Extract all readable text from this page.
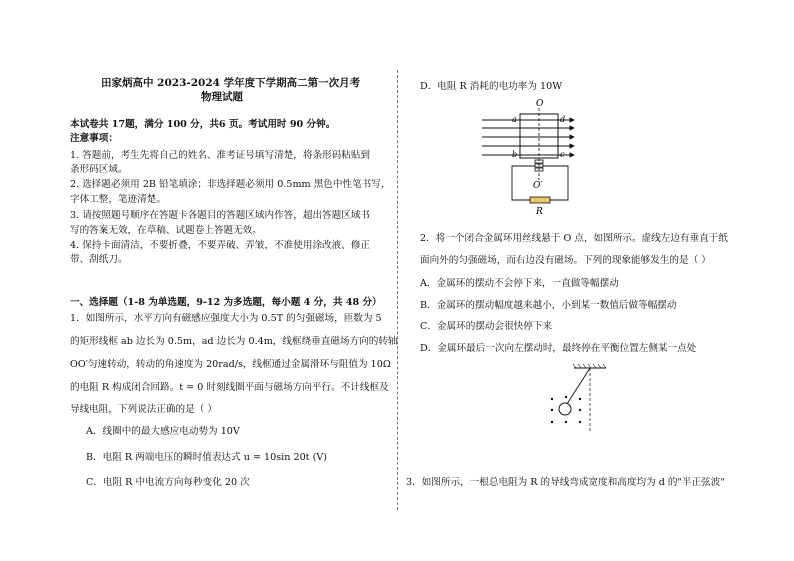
田家炳高中 2023-2024 学年度下学期高二第一次月考
物理试题
本试卷共 17题，满分 100 分，共6 页。考试用时 90 分钟。
注意事项：
1. 答题前，考生先将自己的姓名、准考证号填写清楚，将条形码粘贴到
条形码区域。
2. 选择题必须用 2B 铅笔填涂；非选择题必须用 0.5mm 黑色中性笔书写，
字体工整，笔迹清楚。
3. 请按照题号顺序在答题卡各题目的答题区域内作答，超出答题区域书
写的答案无效，在草稿、试题卷上答题无效。
4. 保持卡面清洁，不要折叠，不要弄破、弄皱，不准使用涂改液、修正
带、刮纸刀。
一、选择题（1-8 为单选题，9-12 为多选题，每小题 4 分，共 48 分）
1．如图所示，水平方向有磁感应强度大小为 0.5T 的匀强磁场，匝数为 5
的矩形线框 ab 边长为 0.5m，ad 边长为 0.4m，线框绕垂直磁场方向的转轴
OO′匀速转动，转动的角速度为 20rad/s，线框通过金属滑环与阻值为 10Ω
的电阻 R 构成闭合回路。t = 0 时刻线圈平面与磁场方向平行。不计线框及
导线电阻，下列说法正确的是（ ）
A．线圈中的最大感应电动势为 10V
B．电阻 R 两端电压的瞬时值表达式 u = 10sin 20t (V)
C．电阻 R 中电流方向每秒变化 20 次
D．电阻 R 消耗的电功率为 10W
O
a	d
b	c
O′
R
2．将一个闭合金属环用丝线悬于 O 点，如图所示。虚线左边有垂直于纸
面向外的匀强磁场，而右边没有磁场。下列的现象能够发生的是（ ）
A．金属环的摆动不会停下来，一直做等幅摆动
B．金属环的摆动幅度越来越小，小到某一数值后做等幅摆动
C．金属环的摆动会很快停下来
D．金属环最后一次向左摆动时，最终停在平衡位置左侧某一点处
3．如图所示，一根总电阻为 R 的导线弯成宽度和高度均为 d 的"半正弦波"
